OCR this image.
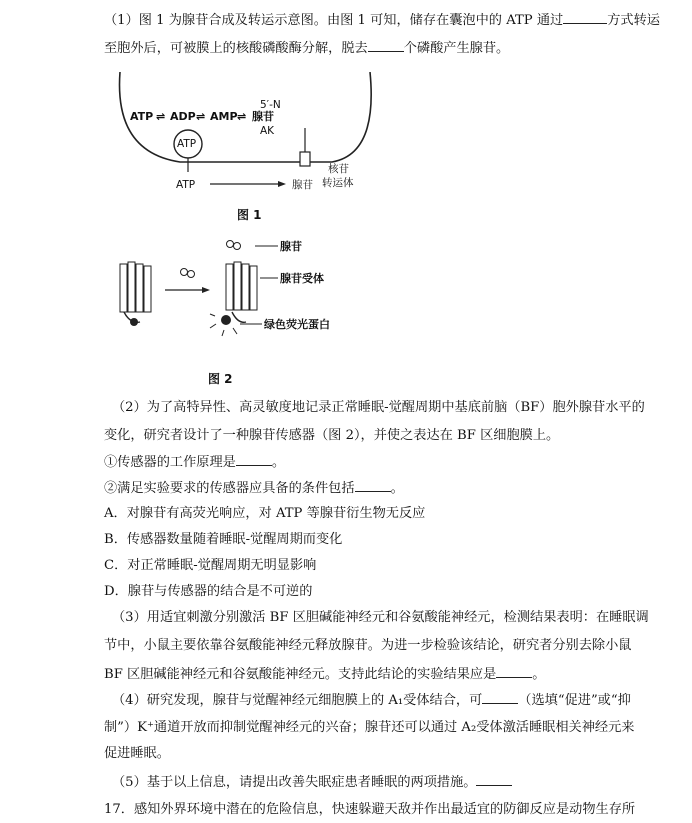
（1）图 1 为腺苷合成及转运示意图。由图 1 可知，储存在囊泡中的 ATP 通过	方式转运
至胞外后，可被膜上的核酸磷酸酶分解，脱去	个磷酸产生腺苷。
ATP ⇌ ADP ⇌ AMP ⇌ 腺苷
5′-N
AK
ATP
ATP	腺苷
核苷
转运体
图 1
腺苷
腺苷受体
绿色荧光蛋白
图 2
（2）为了高特异性、高灵敏度地记录正常睡眠-觉醒周期中基底前脑（BF）胞外腺苷水平的
变化，研究者设计了一种腺苷传感器（图 2），并使之表达在 BF 区细胞膜上。
①传感器的工作原理是	。
②满足实验要求的传感器应具备的条件包括	。
A．对腺苷有高荧光响应，对 ATP 等腺苷衍生物无反应
B．传感器数量随着睡眠-觉醒周期而变化
C．对正常睡眠-觉醒周期无明显影响
D．腺苷与传感器的结合是不可逆的
（3）用适宜刺激分别激活 BF 区胆碱能神经元和谷氨酸能神经元，检测结果表明：在睡眠调
节中，小鼠主要依靠谷氨酸能神经元释放腺苷。为进一步检验该结论，研究者分别去除小鼠
BF 区胆碱能神经元和谷氨酸能神经元。支持此结论的实验结果应是	。
（4）研究发现，腺苷与觉醒神经元细胞膜上的 A₁受体结合，可	（选填“促进”或“抑
制”）K⁺通道开放而抑制觉醒神经元的兴奋；腺苷还可以通过 A₂受体激活睡眠相关神经元来
促进睡眠。
（5）基于以上信息，请提出改善失眠症患者睡眠的两项措施。
17．感知外界环境中潜在的危险信息，快速躲避天敌并作出最适宜的防御反应是动物生存所
